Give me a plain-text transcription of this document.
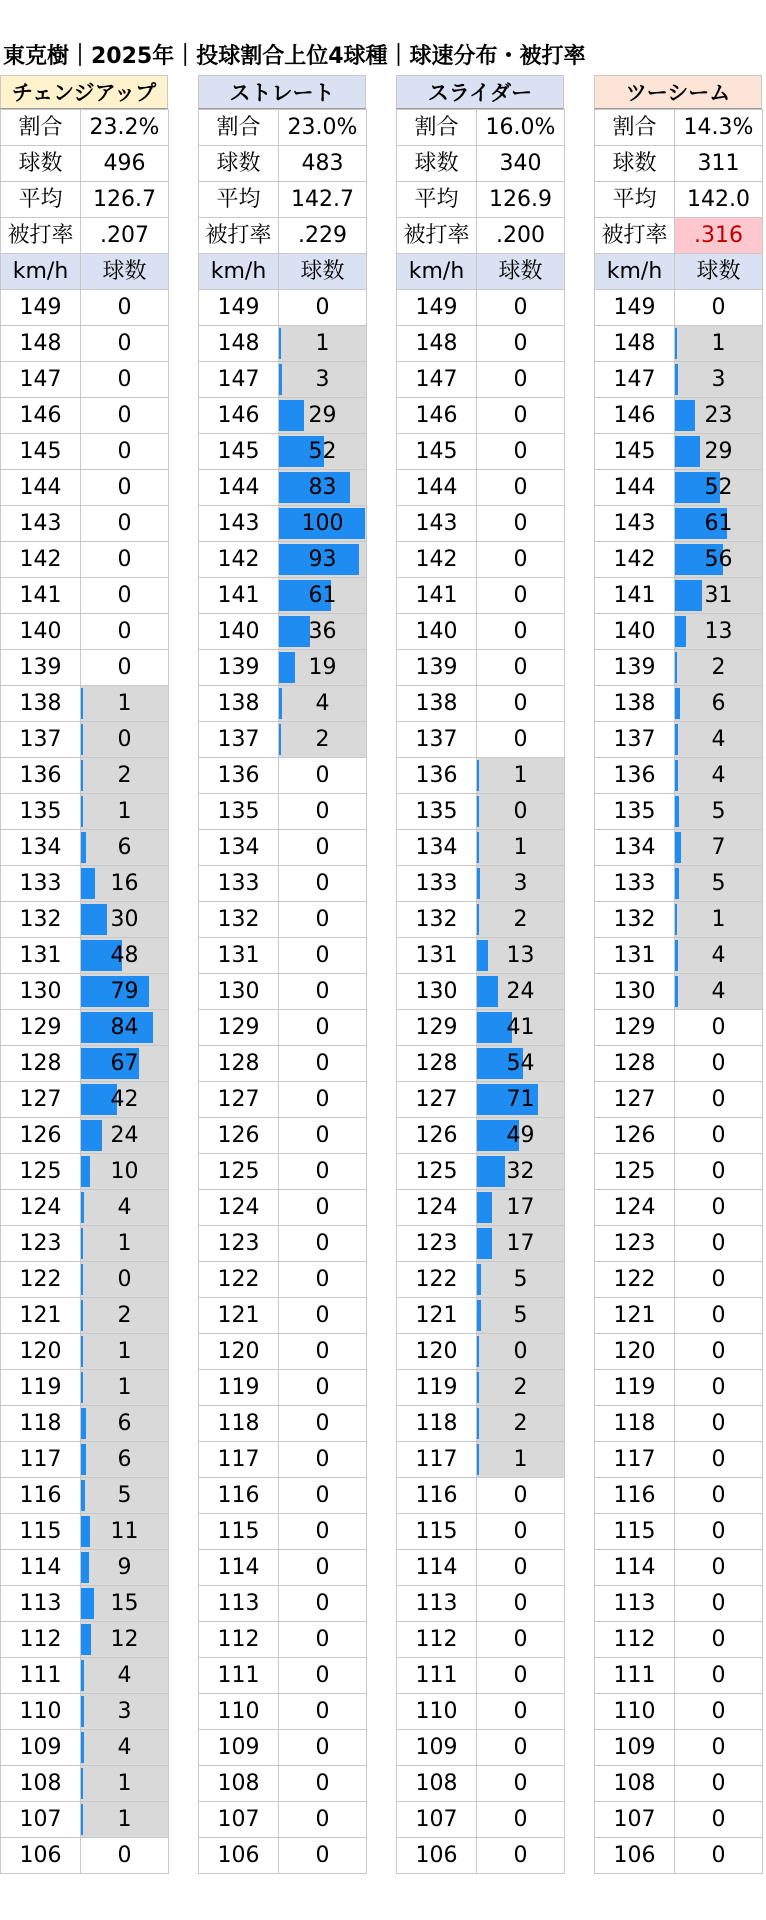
東克樹｜2025年｜投球割合上位4球種｜球速分布・被打率
チェンジアップ
割合	23.2%
球数	496
平均	126.7
被打率	.207
km/h	球数
149	0
148	0
147	0
146	0
145	0
144	0
143	0
142	0
141	0
140	0
139	0
138	1
137	0
136	2
135	1
134	6
133	16
132	30
131	48
130	79
129	84
128	67
127	42
126	24
125	10
124	4
123	1
122	0
121	2
120	1
119	1
118	6
117	6
116	5
115	11
114	9
113	15
112	12
111	4
110	3
109	4
108	1
107	1
106	0
ストレート
割合	23.0%
球数	483
平均	142.7
被打率	.229
km/h	球数
149	0
148	1
147	3
146	29
145	52
144	83
143	100
142	93
141	61
140	36
139	19
138	4
137	2
136	0
135	0
134	0
133	0
132	0
131	0
130	0
129	0
128	0
127	0
126	0
125	0
124	0
123	0
122	0
121	0
120	0
119	0
118	0
117	0
116	0
115	0
114	0
113	0
112	0
111	0
110	0
109	0
108	0
107	0
106	0
スライダー
割合	16.0%
球数	340
平均	126.9
被打率	.200
km/h	球数
149	0
148	0
147	0
146	0
145	0
144	0
143	0
142	0
141	0
140	0
139	0
138	0
137	0
136	1
135	0
134	1
133	3
132	2
131	13
130	24
129	41
128	54
127	71
126	49
125	32
124	17
123	17
122	5
121	5
120	0
119	2
118	2
117	1
116	0
115	0
114	0
113	0
112	0
111	0
110	0
109	0
108	0
107	0
106	0
ツーシーム
割合	14.3%
球数	311
平均	142.0
被打率	.316
km/h	球数
149	0
148	1
147	3
146	23
145	29
144	52
143	61
142	56
141	31
140	13
139	2
138	6
137	4
136	4
135	5
134	7
133	5
132	1
131	4
130	4
129	0
128	0
127	0
126	0
125	0
124	0
123	0
122	0
121	0
120	0
119	0
118	0
117	0
116	0
115	0
114	0
113	0
112	0
111	0
110	0
109	0
108	0
107	0
106	0
